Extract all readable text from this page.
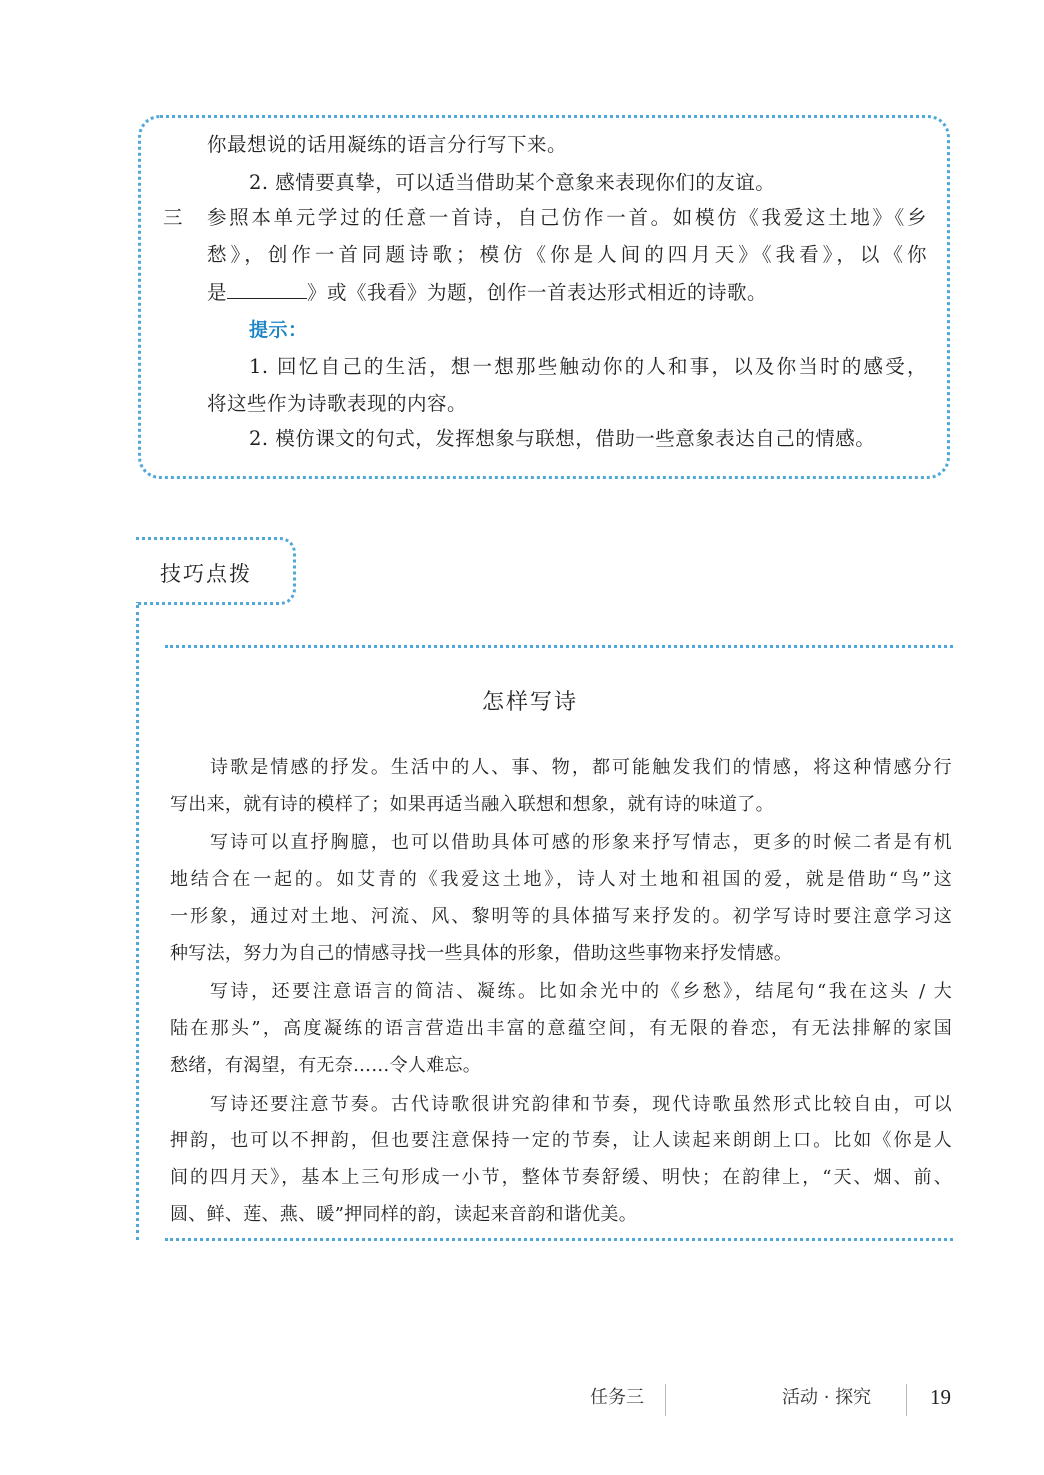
你最想说的话用凝练的语言分行写下来。
2. 感情要真挚，可以适当借助某个意象来表现你们的友谊。
三 参照本单元学过的任意一首诗，自己仿作一首。如模仿《我爱这土地》《乡
愁》，创作一首同题诗歌；模仿《你是人间的四月天》《我看》，以《你
是	》或《我看》为题，创作一首表达形式相近的诗歌。
提示：
1. 回忆自己的生活，想一想那些触动你的人和事，以及你当时的感受，
将这些作为诗歌表现的内容。
2. 模仿课文的句式，发挥想象与联想，借助一些意象表达自己的情感。
技巧点拨
怎样写诗
诗歌是情感的抒发。生活中的人、事、物，都可能触发我们的情感，将这种情感分行
写出来，就有诗的模样了；如果再适当融入联想和想象，就有诗的味道了。
写诗可以直抒胸臆，也可以借助具体可感的形象来抒写情志，更多的时候二者是有机
地结合在一起的。如艾青的《我爱这土地》，诗人对土地和祖国的爱，就是借助“鸟”这
一形象，通过对土地、河流、风、黎明等的具体描写来抒发的。初学写诗时要注意学习这
种写法，努力为自己的情感寻找一些具体的形象，借助这些事物来抒发情感。
写诗，还要注意语言的简洁、凝练。比如余光中的《乡愁》，结尾句“我在这头 / 大
陆在那头”，高度凝练的语言营造出丰富的意蕴空间，有无限的眷恋，有无法排解的家国
愁绪，有渴望，有无奈……令人难忘。
写诗还要注意节奏。古代诗歌很讲究韵律和节奏，现代诗歌虽然形式比较自由，可以
押韵，也可以不押韵，但也要注意保持一定的节奏，让人读起来朗朗上口。比如《你是人
间的四月天》，基本上三句形成一小节，整体节奏舒缓、明快；在韵律上，“天、烟、前、
圆、鲜、莲、燕、暖”押同样的韵，读起来音韵和谐优美。
任务三	活动 · 探究	19
